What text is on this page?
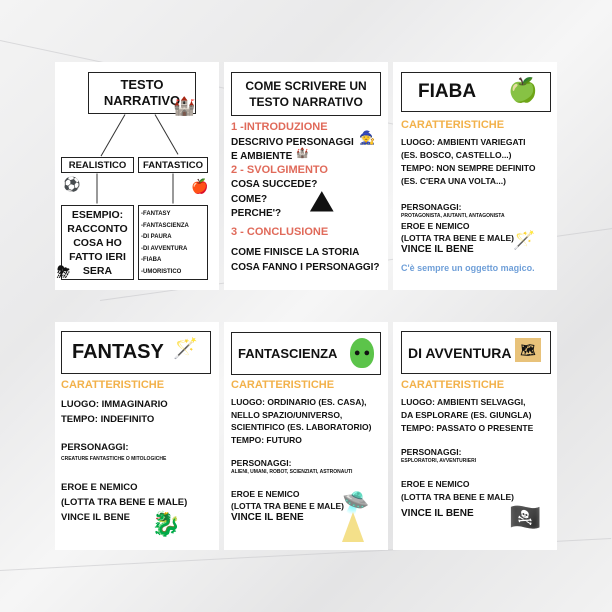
TESTO NARRATIVO
🏰
REALISTICO	FANTASTICO
⚽	🍎
ESEMPIO: RACCONTO COSA HO FATTO IERI SERA
⛈
-FANTASY
-FANTASCIENZA
-DI PAURA
-DI AVVENTURA
-FIABA
-UMORISTICO
COME SCRIVERE UN TESTO NARRATIVO
1 -INTRODUZIONE
DESCRIVO PERSONAGGI
E AMBIENTE
🧙
🏰
2 - SVOLGIMENTO
COSA SUCCEDE?
COME?
PERCHE'?	⛰
3 - CONCLUSIONE
COME FINISCE LA STORIA
COSA FANNO I PERSONAGGI?
FIABA	🍏
CARATTERISTICHE
LUOGO: AMBIENTI VARIEGATI
(ES. BOSCO, CASTELLO...)
TEMPO: NON SEMPRE DEFINITO
(ES. C'ERA UNA VOLTA...)
PERSONAGGI:
PROTAGONISTA, AIUTANTI, ANTAGONISTA
EROE E NEMICO
(LOTTA TRA BENE E MALE)
VINCE IL BENE	🪄
C'è sempre un oggetto magico.
FANTASY 🪄
CARATTERISTICHE
LUOGO: IMMAGINARIO
TEMPO: INDEFINITO
PERSONAGGI:
CREATURE FANTASTICHE O MITOLOGICHE
EROE E NEMICO
(LOTTA TRA BENE E MALE)
VINCE IL BENE 🐉
FANTASCIENZA	● ●
CARATTERISTICHE
LUOGO: ORDINARIO (ES. CASA),
NELLO SPAZIO/UNIVERSO,
SCIENTIFICO (ES. LABORATORIO)
TEMPO: FUTURO
PERSONAGGI:
ALIENI, UMANI, ROBOT, SCIENZIATI, ASTRONAUTI
EROE E NEMICO
(LOTTA TRA BENE E MALE)
VINCE IL BENE
🛸
DI AVVENTURA 🗺
CARATTERISTICHE
LUOGO: AMBIENTI SELVAGGI,
DA ESPLORARE (ES. GIUNGLA)
TEMPO: PASSATO O PRESENTE
PERSONAGGI:
ESPLORATORI, AVVENTURIERI
EROE E NEMICO
(LOTTA TRA BENE E MALE)
VINCE IL BENE	🏴‍☠️
